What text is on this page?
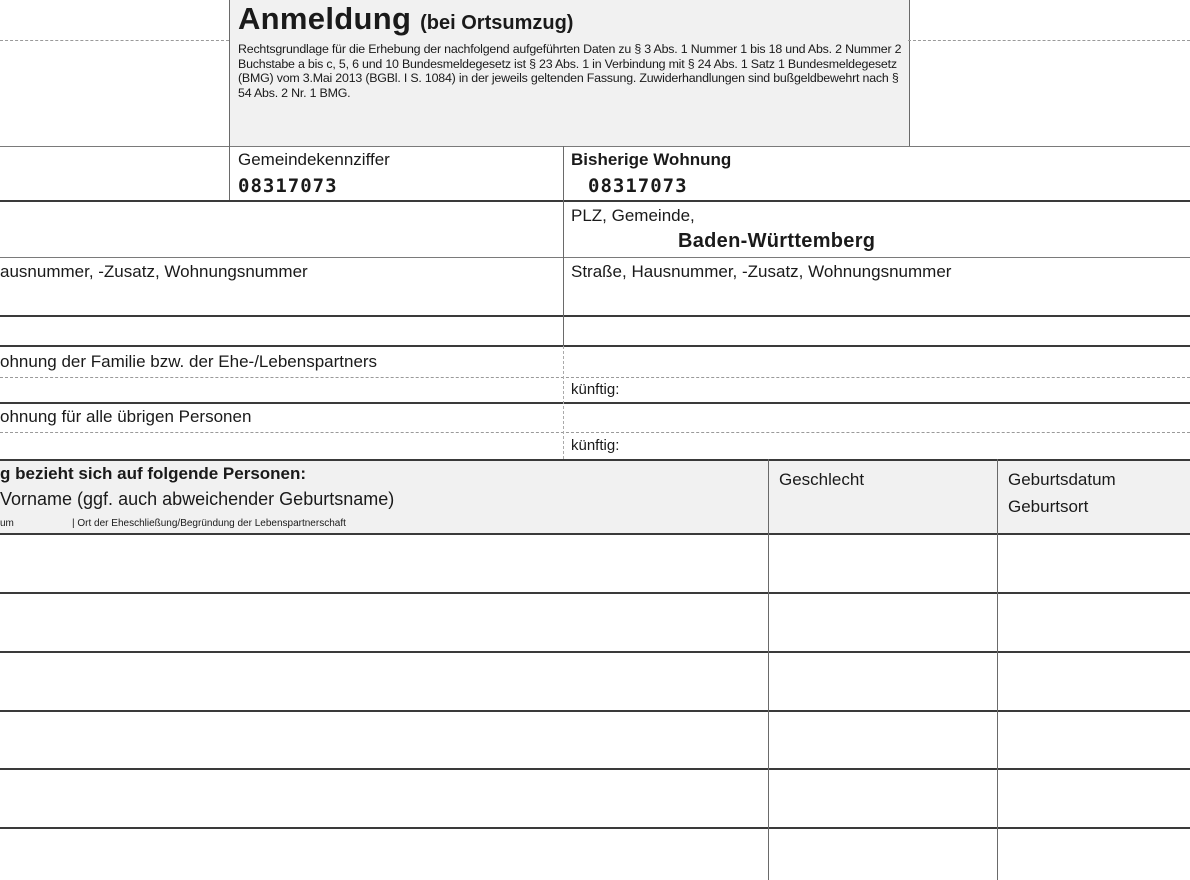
Anmeldung (bei Ortsumzug)
Rechtsgrundlage für die Erhebung der nachfolgend aufgeführten Daten zu § 3 Abs. 1 Nummer 1 bis 18 und Abs. 2 Nummer 2 Buchstabe a bis c, 5, 6 und 10 Bundesmeldegesetz ist § 23 Abs. 1 in Verbindung mit § 24 Abs. 1 Satz 1 Bundesmeldegesetz (BMG) vom 3.Mai 2013 (BGBl. I S. 1084) in der jeweils geltenden Fassung. Zuwiderhandlungen sind bußgeldbewehrt nach § 54 Abs. 2 Nr. 1 BMG.
Gemeindekennziffer
08317073
Bisherige Wohnung
08317073
PLZ, Gemeinde,
Baden-Württemberg
ausnummer, -Zusatz, Wohnungsnummer	Straße, Hausnummer, -Zusatz, Wohnungsnummer
ohnung der Familie bzw. der Ehe-/Lebenspartners
künftig:
ohnung für alle übrigen Personen
künftig:
g bezieht sich auf folgende Personen:
Vorname (ggf. auch abweichender Geburtsname)
um	| Ort der Eheschließung/Begründung der Lebenspartnerschaft
Geschlecht	Geburtsdatum
Geburtsort
